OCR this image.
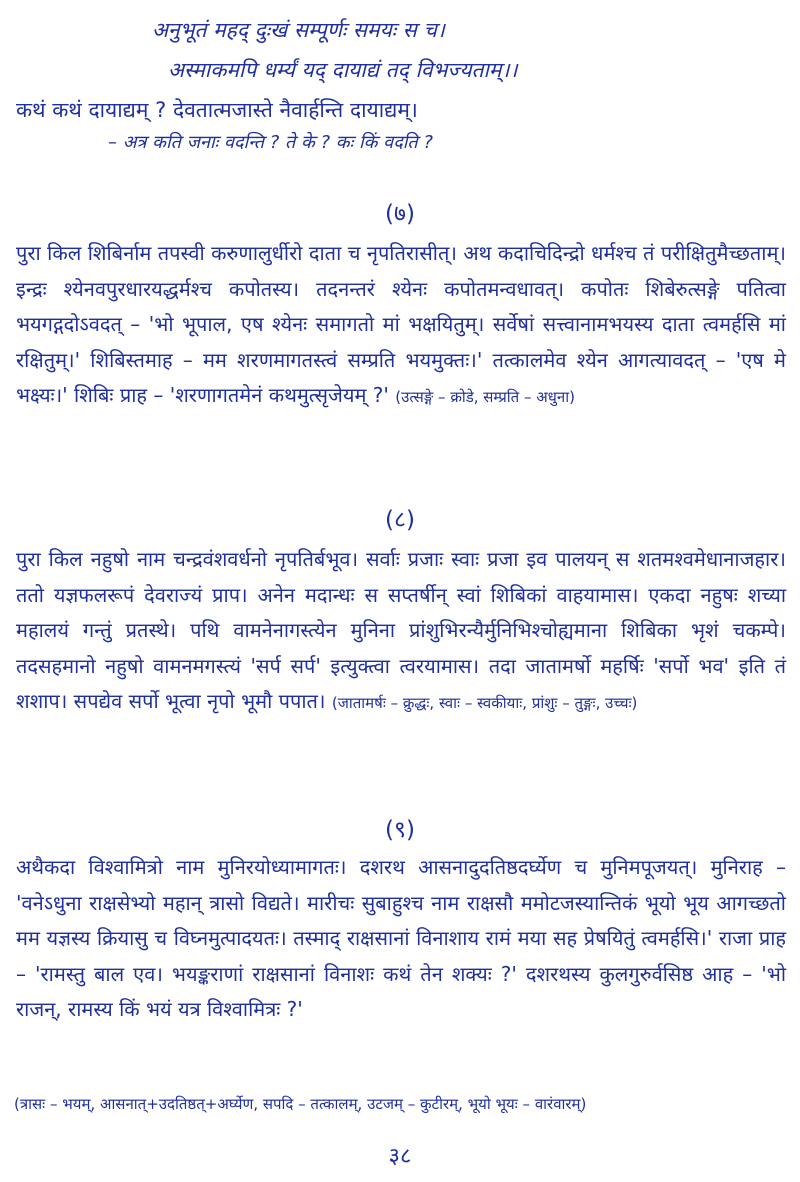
अनुभूतं महद् दुःखं सम्पूर्णः समयः स च।
अस्माकमपि धर्म्यं यद् दायाद्यं तद् विभज्यताम्।।
कथं कथं दायाद्यम् ? देवतात्मजास्ते नैवार्हन्ति दायाद्यम्।
– अत्र कति जनाः वदन्ति ? ते के ? कः किं वदति ?
(७)
पुरा किल शिबिर्नाम तपस्वी करुणालुर्धीरो दाता च नृपतिरासीत्। अथ कदाचिदिन्द्रो धर्मश्च तं परीक्षितुमैच्छताम्। इन्द्रः श्येनवपुरधारयद्धर्मश्च कपोतस्य। तदनन्तरं श्येनः कपोतमन्वधावत्। कपोतः शिबेरुत्सङ्गे पतित्वा भयगद्गदोऽवदत् – 'भो भूपाल, एष श्येनः समागतो मां भक्षयितुम्। सर्वेषां सत्त्वानामभयस्य दाता त्वमर्हसि मां रक्षितुम्।' शिबिस्तमाह – मम शरणमागतस्त्वं सम्प्रति भयमुक्तः।' तत्कालमेव श्येन आगत्यावदत् – 'एष मे भक्ष्यः।' शिबिः प्राह – 'शरणागतमेनं कथमुत्सृजेयम् ?' (उत्सङ्गे – क्रोडे, सम्प्रति – अधुना)
(८)
पुरा किल नहुषो नाम चन्द्रवंशवर्धनो नृपतिर्बभूव। सर्वाः प्रजाः स्वाः प्रजा इव पालयन् स शतमश्वमेधानाजहार। ततो यज्ञफलरूपं देवराज्यं प्राप। अनेन मदान्धः स सप्तर्षीन् स्वां शिबिकां वाहयामास। एकदा नहुषः शच्या महालयं गन्तुं प्रतस्थे। पथि वामनेनागस्त्येन मुनिना प्रांशुभिरन्यैर्मुनिभिश्चोह्यमाना शिबिका भृशं चकम्पे। तदसहमानो नहुषो वामनमगस्त्यं 'सर्प सर्प' इत्युक्त्वा त्वरयामास। तदा जातामर्षो महर्षिः 'सर्पो भव' इति तं शशाप। सपद्येव सर्पो भूत्वा नृपो भूमौ पपात। (जातामर्षः – क्रुद्धः, स्वाः – स्वकीयाः, प्रांशुः – तुङ्गः, उच्चः)
(९)
अथैकदा विश्वामित्रो नाम मुनिरयोध्यामागतः। दशरथ आसनादुदतिष्ठदर्घ्येण च मुनिमपूजयत्। मुनिराह – 'वनेऽधुना राक्षसेभ्यो महान् त्रासो विद्यते। मारीचः सुबाहुश्च नाम राक्षसौ ममोटजस्यान्तिकं भूयो भूय आगच्छतो मम यज्ञस्य क्रियासु च विघ्नमुत्पादयतः। तस्माद् राक्षसानां विनाशाय रामं मया सह प्रेषयितुं त्वमर्हसि।' राजा प्राह – 'रामस्तु बाल एव। भयङ्कराणां राक्षसानां विनाशः कथं तेन शक्यः ?' दशरथस्य कुलगुरुर्वसिष्ठ आह – 'भो राजन्, रामस्य किं भयं यत्र विश्वामित्रः ?'
(त्रासः – भयम्, आसनात्+उदतिष्ठत्+अर्घ्येण, सपदि – तत्कालम्, उटजम् – कुटीरम्, भूयो भूयः – वारंवारम्)
३८
